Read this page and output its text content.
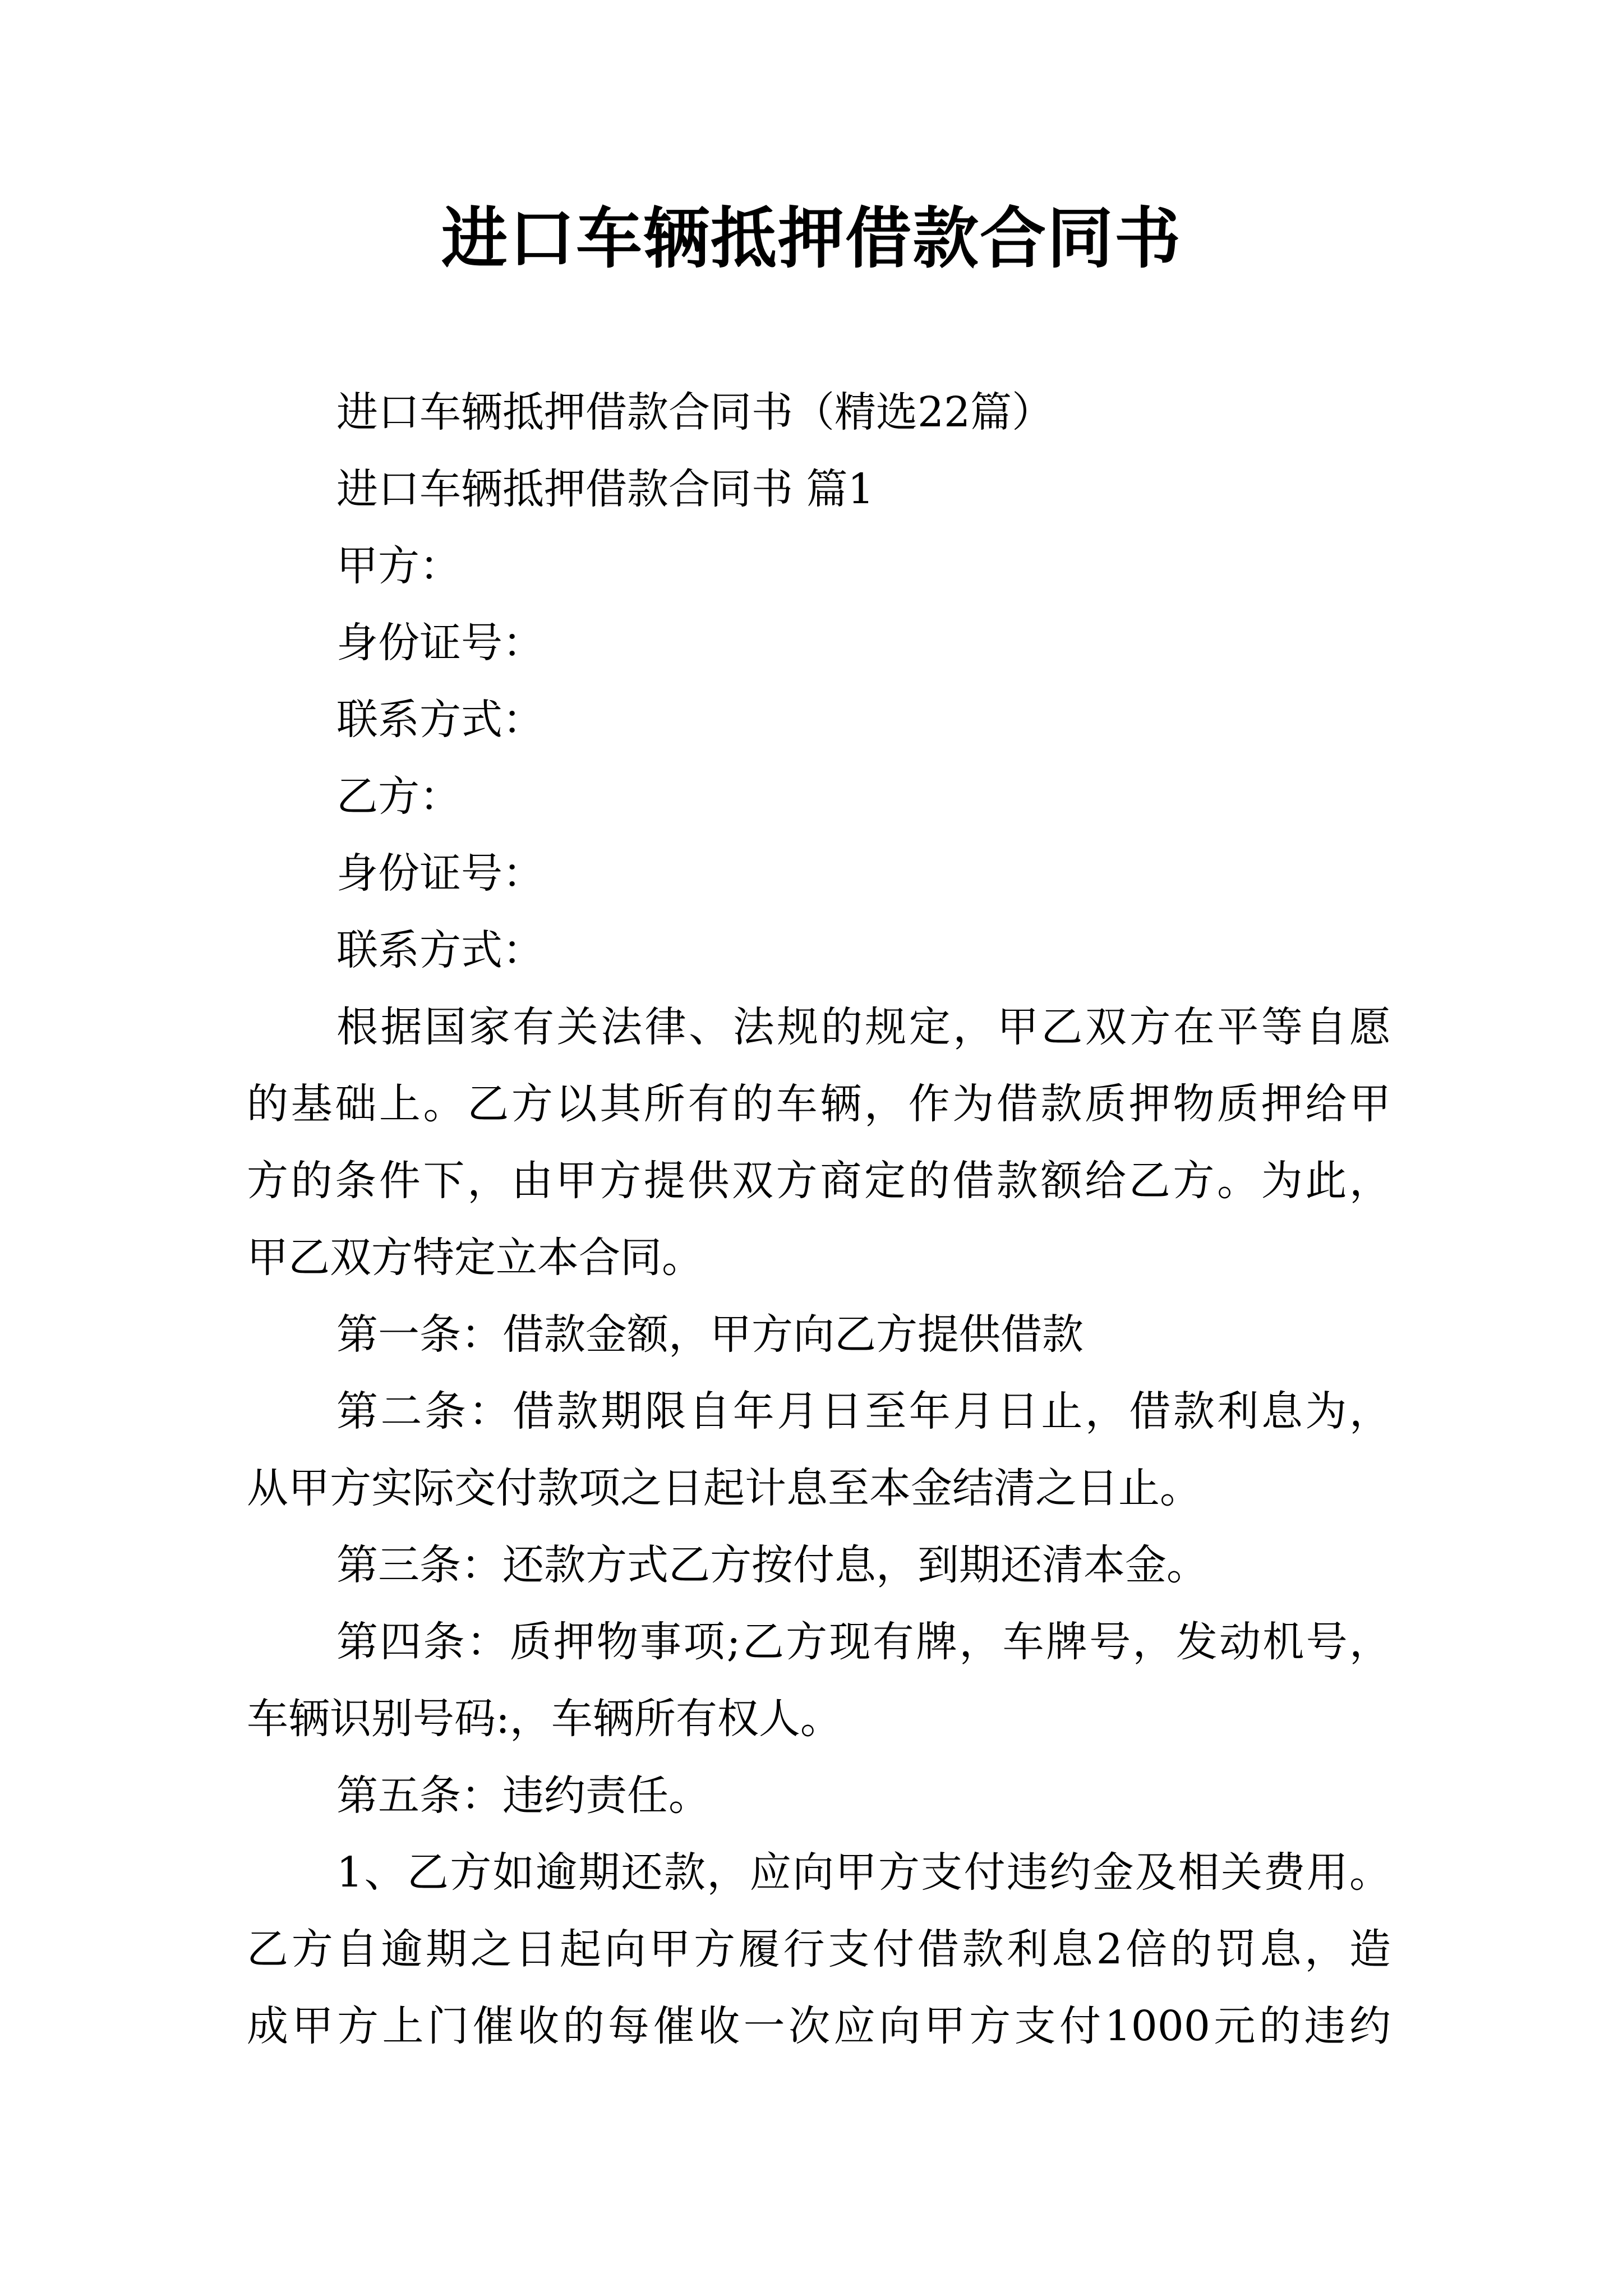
进口车辆抵押借款合同书
进口车辆抵押借款合同书（精选22篇）
进口车辆抵押借款合同书 篇1
甲方：
身份证号：
联系方式：
乙方：
身份证号：
联系方式：
根据国家有关法律、法规的规定，甲乙双方在平等自愿
的基础上。乙方以其所有的车辆，作为借款质押物质押给甲
方的条件下，由甲方提供双方商定的借款额给乙方。为此，
甲乙双方特定立本合同。
第一条：借款金额，甲方向乙方提供借款
第二条：借款期限自年月日至年月日止，借款利息为，
从甲方实际交付款项之日起计息至本金结清之日止。
第三条：还款方式乙方按付息，到期还清本金。
第四条：质押物事项;乙方现有牌，车牌号，发动机号，
车辆识别号码:，车辆所有权人。
第五条：违约责任。
1、乙方如逾期还款，应向甲方支付违约金及相关费用。
乙方自逾期之日起向甲方履行支付借款利息2倍的罚息，造
成甲方上门催收的每催收一次应向甲方支付1000元的违约
